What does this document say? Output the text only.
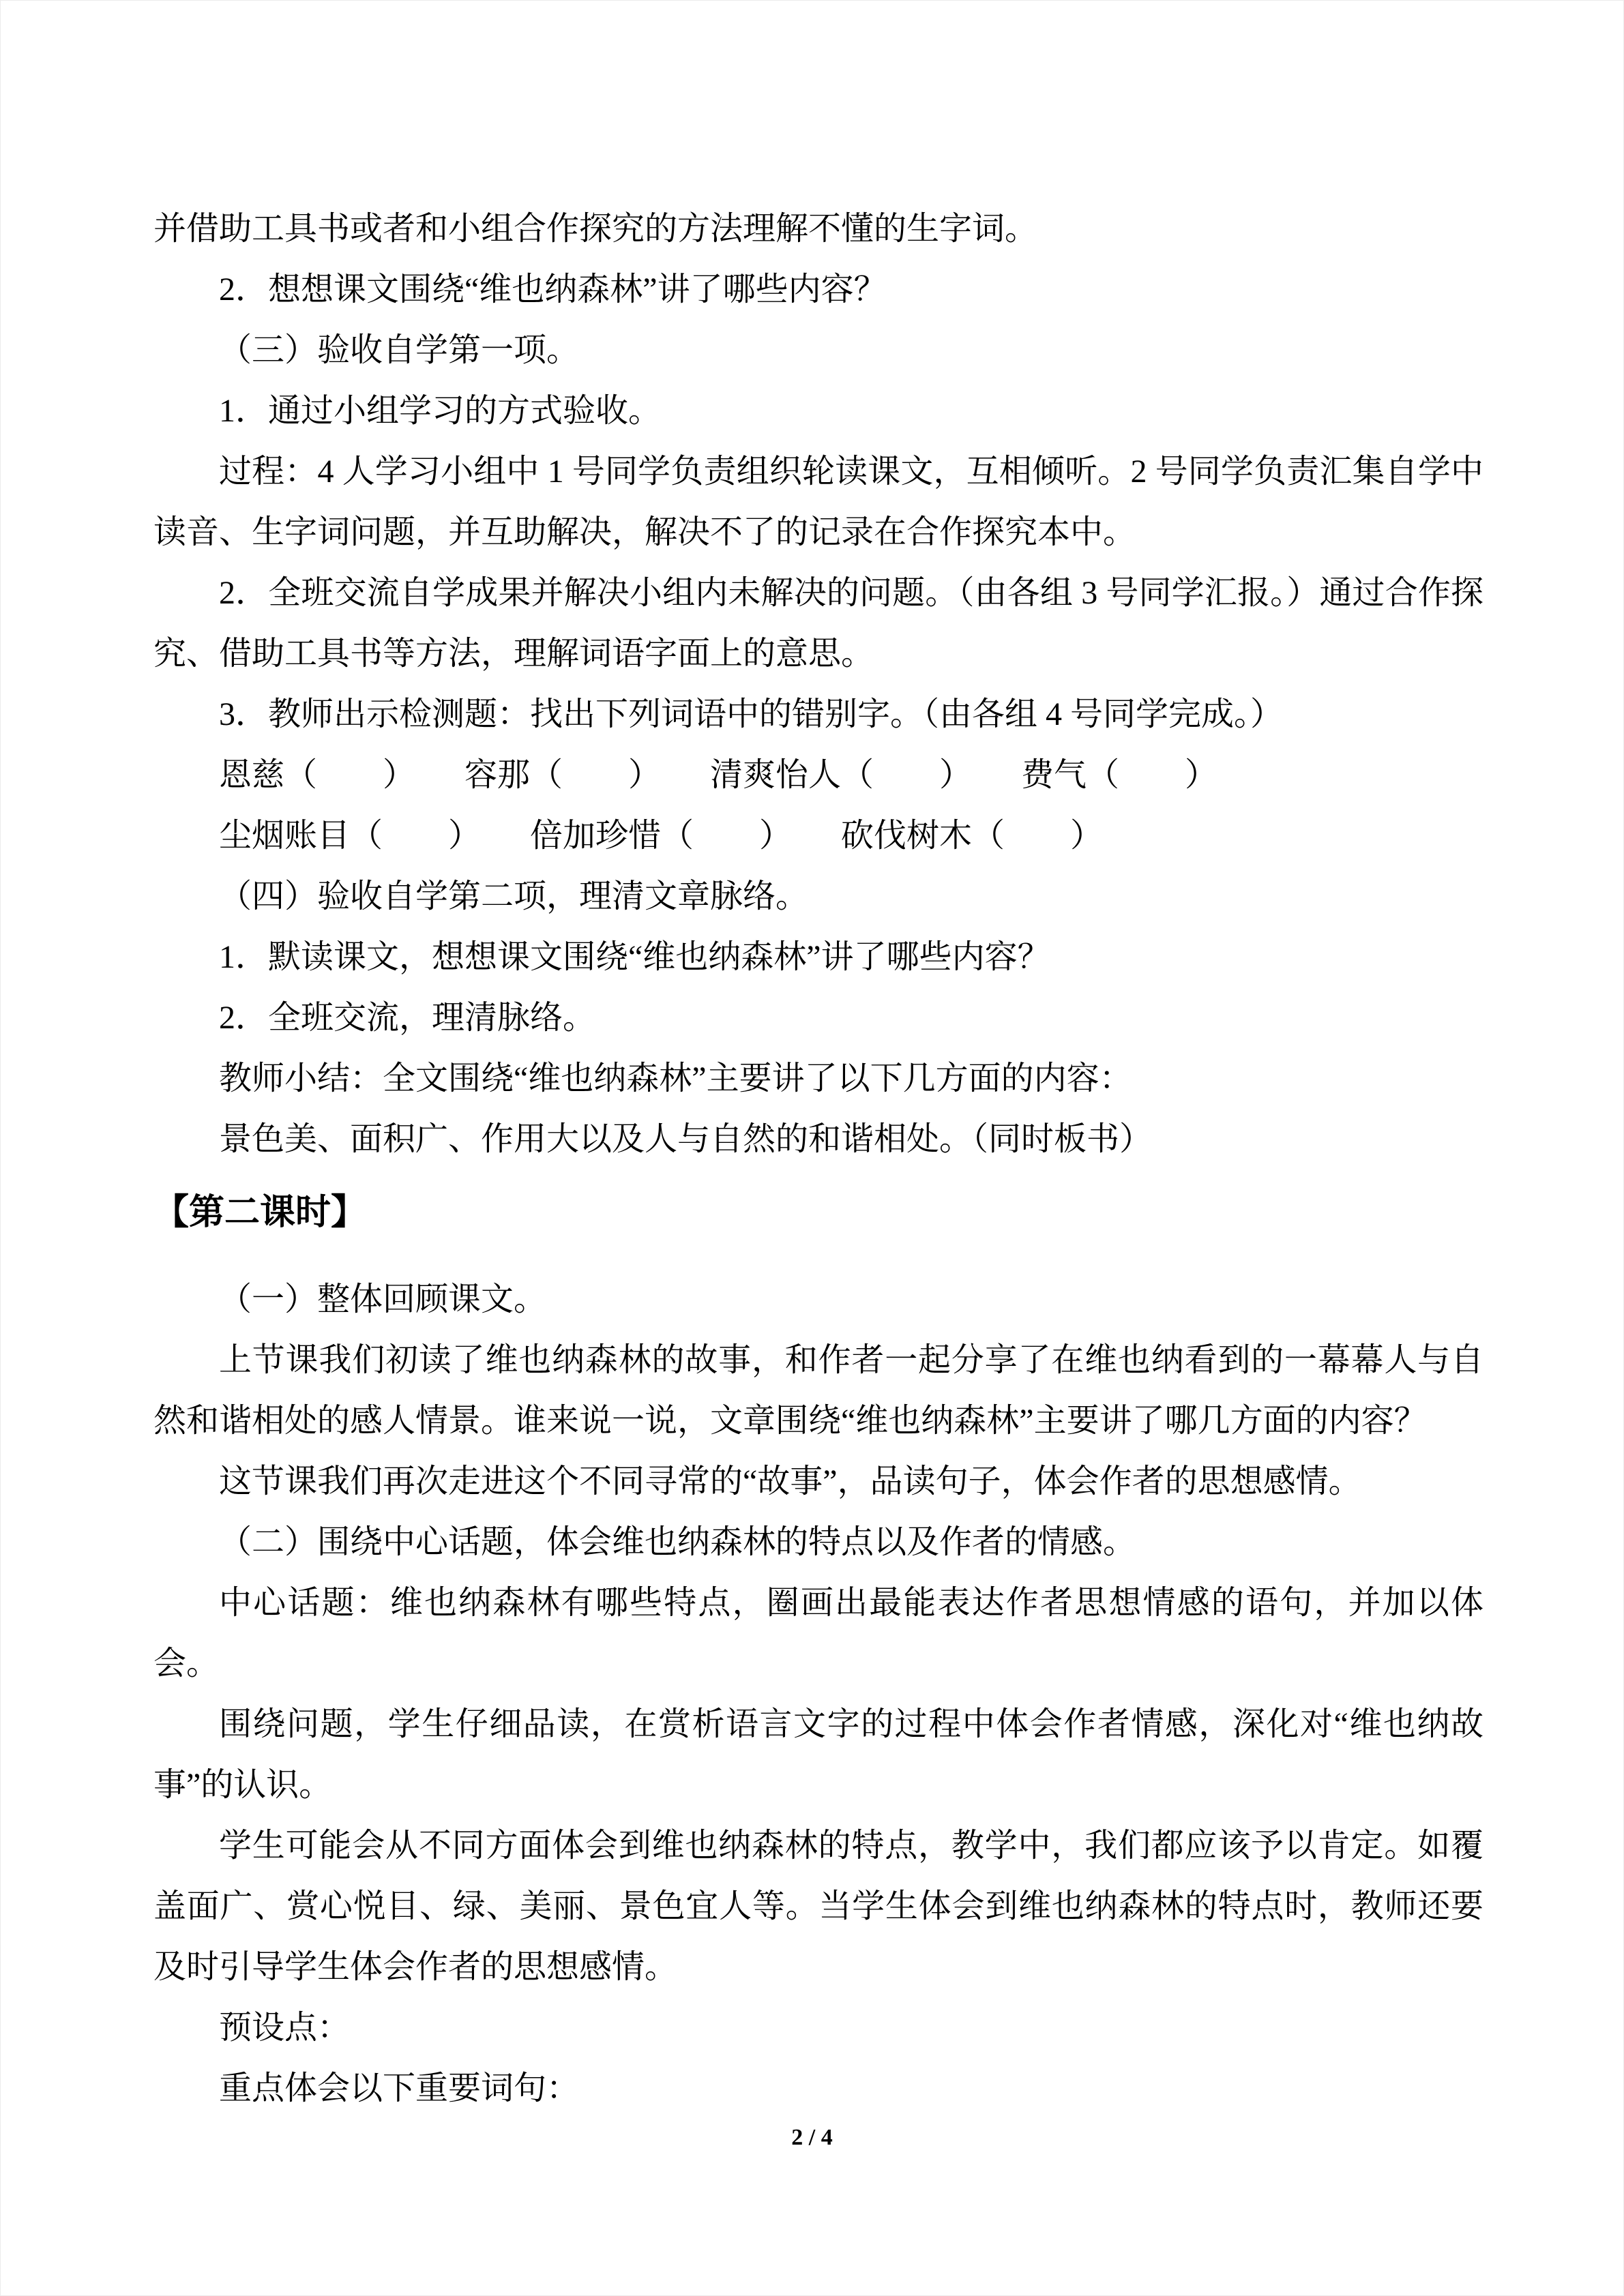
并借助工具书或者和小组合作探究的方法理解不懂的生字词。

2．想想课文围绕“维也纳森林”讲了哪些内容？

（三）验收自学第一项。

1．通过小组学习的方式验收。

过程：4 人学习小组中 1 号同学负责组织轮读课文，互相倾听。2 号同学负责汇集自学中读音、生字词问题，并互助解决，解决不了的记录在合作探究本中。

2．全班交流自学成果并解决小组内未解决的问题。（由各组 3 号同学汇报。）通过合作探究、借助工具书等方法，理解词语字面上的意思。

3．教师出示检测题：找出下列词语中的错别字。（由各组 4 号同学完成。）

恩慈（　　）　　容那（　　）　　清爽怡人（　　）　　费气（　　）

尘烟账目（　　）　　倍加珍惜（　　）　　砍伐树木（　　）

（四）验收自学第二项，理清文章脉络。

1．默读课文，想想课文围绕“维也纳森林”讲了哪些内容？

2．全班交流，理清脉络。

教师小结：全文围绕“维也纳森林”主要讲了以下几方面的内容：

景色美、面积广、作用大以及人与自然的和谐相处。（同时板书）

【第二课时】

（一）整体回顾课文。

上节课我们初读了维也纳森林的故事，和作者一起分享了在维也纳看到的一幕幕人与自然和谐相处的感人情景。谁来说一说，文章围绕“维也纳森林”主要讲了哪几方面的内容？

这节课我们再次走进这个不同寻常的“故事”，品读句子，体会作者的思想感情。

（二）围绕中心话题，体会维也纳森林的特点以及作者的情感。

中心话题：维也纳森林有哪些特点，圈画出最能表达作者思想情感的语句，并加以体会。

围绕问题，学生仔细品读，在赏析语言文字的过程中体会作者情感，深化对“维也纳故事”的认识。

学生可能会从不同方面体会到维也纳森林的特点，教学中，我们都应该予以肯定。如覆盖面广、赏心悦目、绿、美丽、景色宜人等。当学生体会到维也纳森林的特点时，教师还要及时引导学生体会作者的思想感情。

预设点：

重点体会以下重要词句：

2 / 4
